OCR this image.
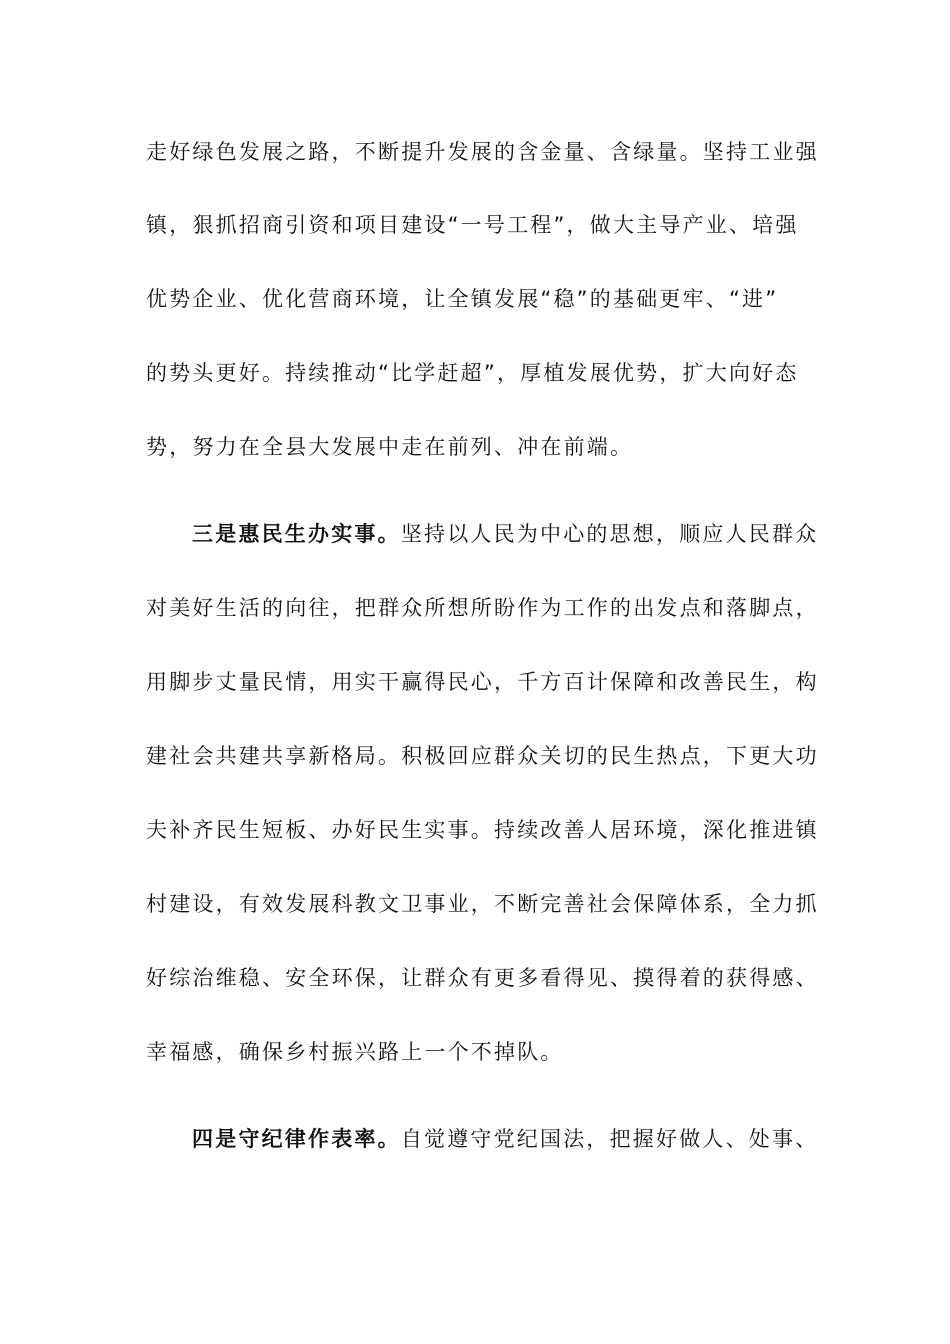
走好绿色发展之路，不断提升发展的含金量、含绿量。坚持工业强
镇，狠抓招商引资和项目建设“一号工程”，做大主导产业、培强
优势企业、优化营商环境，让全镇发展“稳”的基础更牢、“进”
的势头更好。持续推动“比学赶超”，厚植发展优势，扩大向好态
势，努力在全县大发展中走在前列、冲在前端。
三是惠民生办实事。坚持以人民为中心的思想，顺应人民群众
对美好生活的向往，把群众所想所盼作为工作的出发点和落脚点，
用脚步丈量民情，用实干赢得民心，千方百计保障和改善民生，构
建社会共建共享新格局。积极回应群众关切的民生热点，下更大功
夫补齐民生短板、办好民生实事。持续改善人居环境，深化推进镇
村建设，有效发展科教文卫事业，不断完善社会保障体系，全力抓
好综治维稳、安全环保，让群众有更多看得见、摸得着的获得感、
幸福感，确保乡村振兴路上一个不掉队。
四是守纪律作表率。自觉遵守党纪国法，把握好做人、处事、
